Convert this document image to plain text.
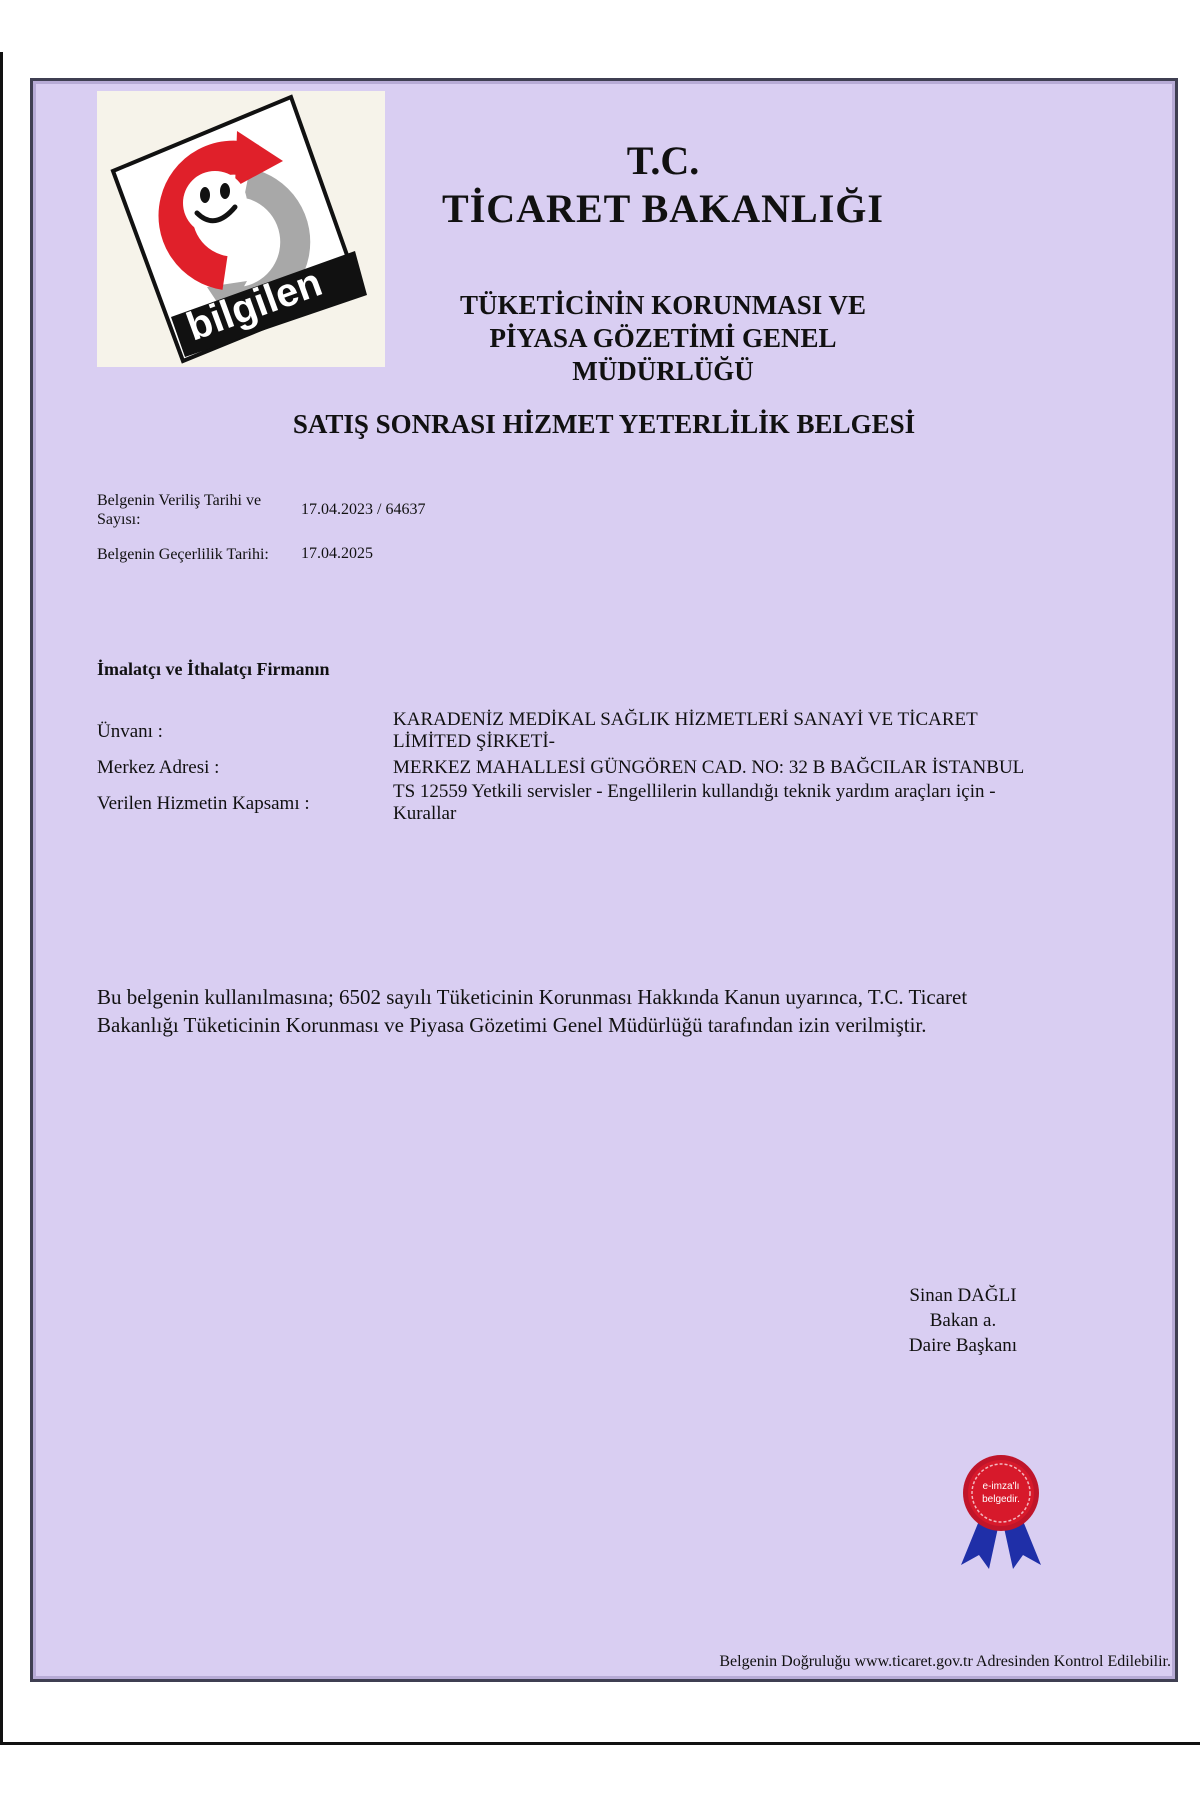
bilgilen
T.C.
TİCARET BAKANLIĞI
TÜKETİCİNİN KORUNMASI VE
PİYASA GÖZETİMİ GENEL
MÜDÜRLÜĞÜ
SATIŞ SONRASI HİZMET YETERLİLİK BELGESİ
Belgenin Veriliş Tarihi ve
Sayısı:
17.04.2023 / 64637
Belgenin Geçerlilik Tarihi: 17.04.2025
İmalatçı ve İthalatçı Firmanın
Ünvanı :
KARADENİZ MEDİKAL SAĞLIK HİZMETLERİ SANAYİ VE TİCARET
LİMİTED ŞİRKETİ-
Merkez Adresi :	MERKEZ MAHALLESİ GÜNGÖREN CAD. NO: 32 B BAĞCILAR İSTANBUL
Verilen Hizmetin Kapsamı :
TS 12559 Yetkili servisler - Engellilerin kullandığı teknik yardım araçları için -
Kurallar
Bu belgenin kullanılmasına; 6502 sayılı Tüketicinin Korunması Hakkında Kanun uyarınca, T.C. Ticaret
Bakanlığı Tüketicinin Korunması ve Piyasa Gözetimi Genel Müdürlüğü tarafından izin verilmiştir.
Sinan DAĞLI
Bakan a.
Daire Başkanı
e-imza'lı
belgedir.
Belgenin Doğruluğu www.ticaret.gov.tr Adresinden Kontrol Edilebilir.
